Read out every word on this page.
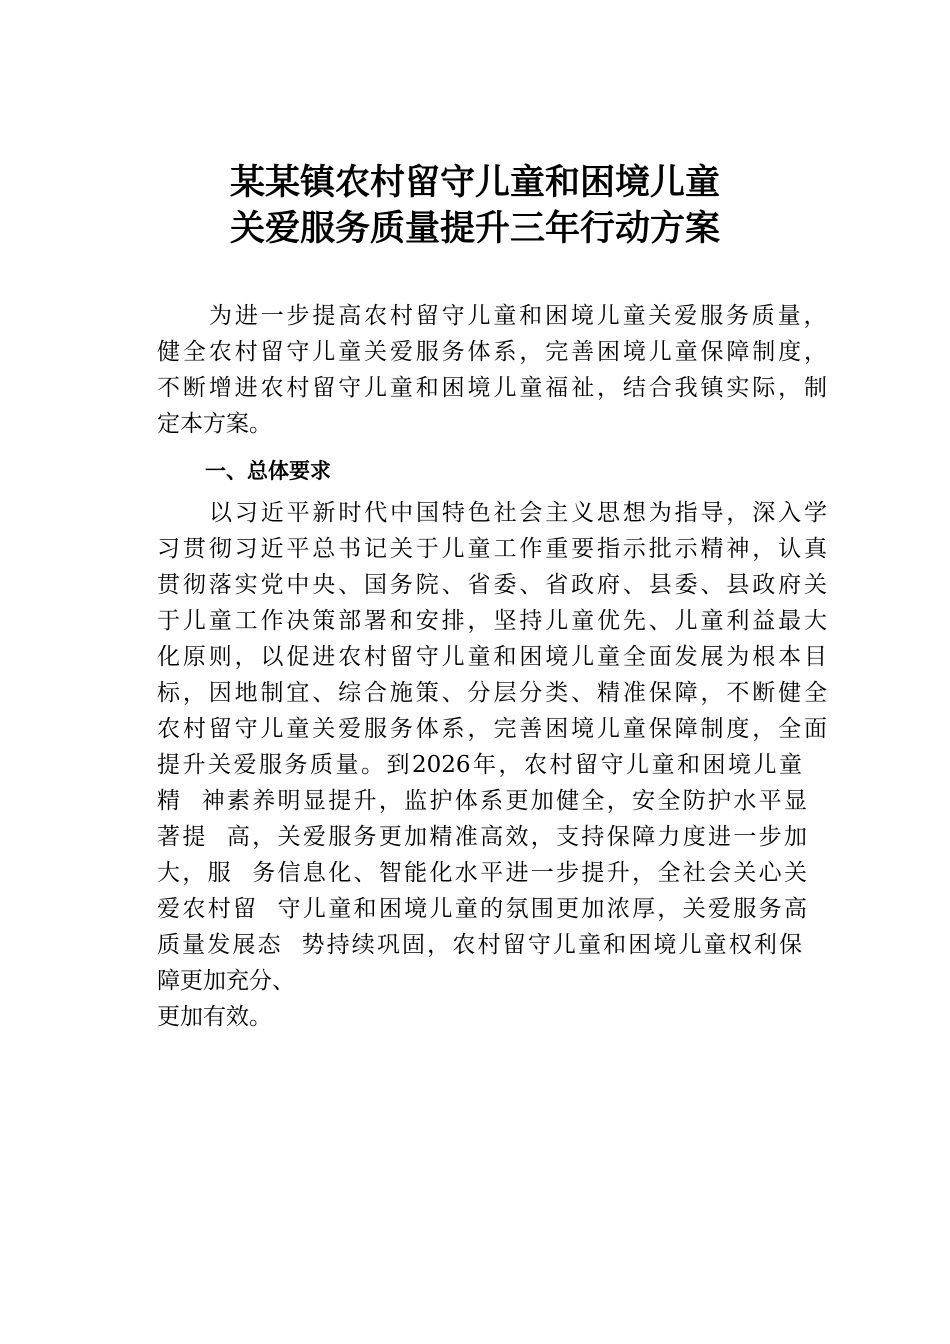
某某镇农村留守儿童和困境儿童
关爱服务质量提升三年行动方案
为进一步提高农村留守儿童和困境儿童关爱服务质量，
健全农村留守儿童关爱服务体系，完善困境儿童保障制度，
不断增进农村留守儿童和困境儿童福祉，结合我镇实际，制
定本方案。
一、总体要求
以习近平新时代中国特色社会主义思想为指导，深入学
习贯彻习近平总书记关于儿童工作重要指示批示精神，认真
贯彻落实党中央、国务院、省委、省政府、县委、县政府关
于儿童工作决策部署和安排，坚持儿童优先、儿童利益最大
化原则，以促进农村留守儿童和困境儿童全面发展为根本目
标，因地制宜、综合施策、分层分类、精准保障，不断健全
农村留守儿童关爱服务体系，完善困境儿童保障制度，全面
提升关爱服务质量。到2026年，农村留守儿童和困境儿童
精  神素养明显提升，监护体系更加健全，安全防护水平显
著提  高，关爱服务更加精准高效，支持保障力度进一步加
大，服  务信息化、智能化水平进一步提升，全社会关心关
爱农村留  守儿童和困境儿童的氛围更加浓厚，关爱服务高
质量发展态  势持续巩固，农村留守儿童和困境儿童权利保
障更加充分、
更加有效。
